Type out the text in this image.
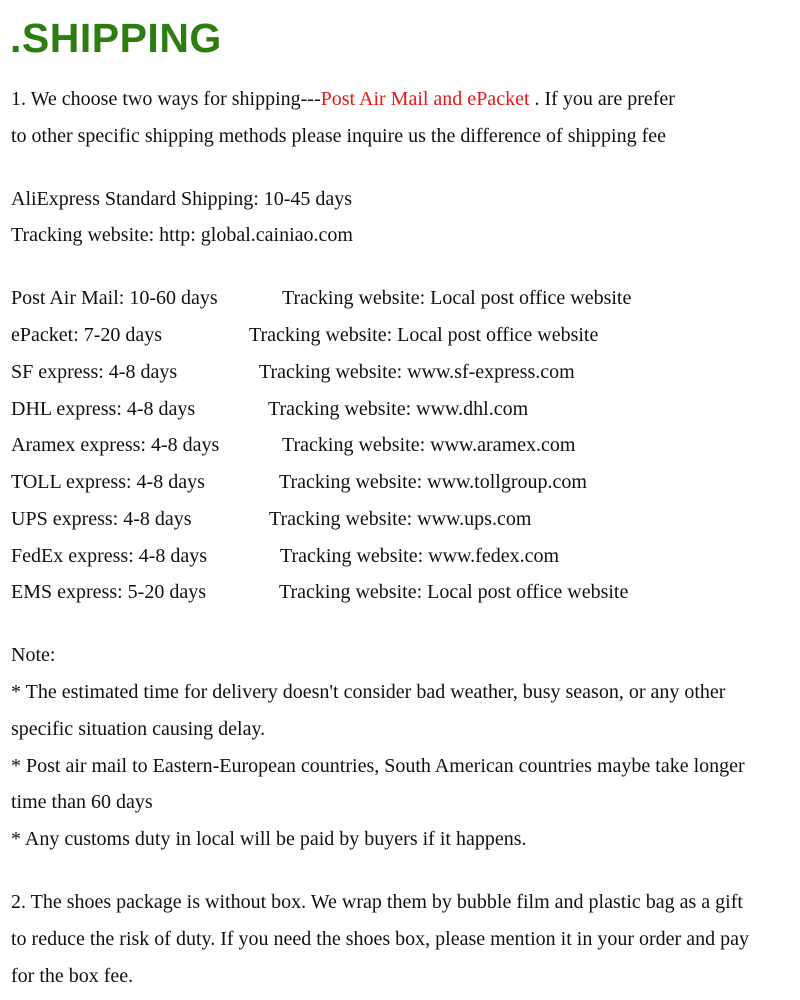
.SHIPPING
1. We choose two ways for shipping---Post Air Mail and ePacket . If you are prefer
to other specific shipping methods please inquire us the difference of shipping fee
AliExpress Standard Shipping: 10-45 days
Tracking website: http: global.cainiao.com
Post Air Mail: 10-60 days	Tracking website: Local post office website
ePacket: 7-20 days	Tracking website: Local post office website
SF express: 4-8 days	Tracking website: www.sf-express.com
DHL express: 4-8 days	Tracking website: www.dhl.com
Aramex express: 4-8 days	Tracking website: www.aramex.com
TOLL express: 4-8 days	Tracking website: www.tollgroup.com
UPS express: 4-8 days	Tracking website: www.ups.com
FedEx express: 4-8 days	Tracking website: www.fedex.com
EMS express: 5-20 days	Tracking website: Local post office website
Note:
* The estimated time for delivery doesn't consider bad weather, busy season, or any other
specific situation causing delay.
* Post air mail to Eastern-European countries, South American countries maybe take longer
time than 60 days
* Any customs duty in local will be paid by buyers if it happens.
2. The shoes package is without box. We wrap them by bubble film and plastic bag as a gift
to reduce the risk of duty. If you need the shoes box, please mention it in your order and pay
for the box fee.
